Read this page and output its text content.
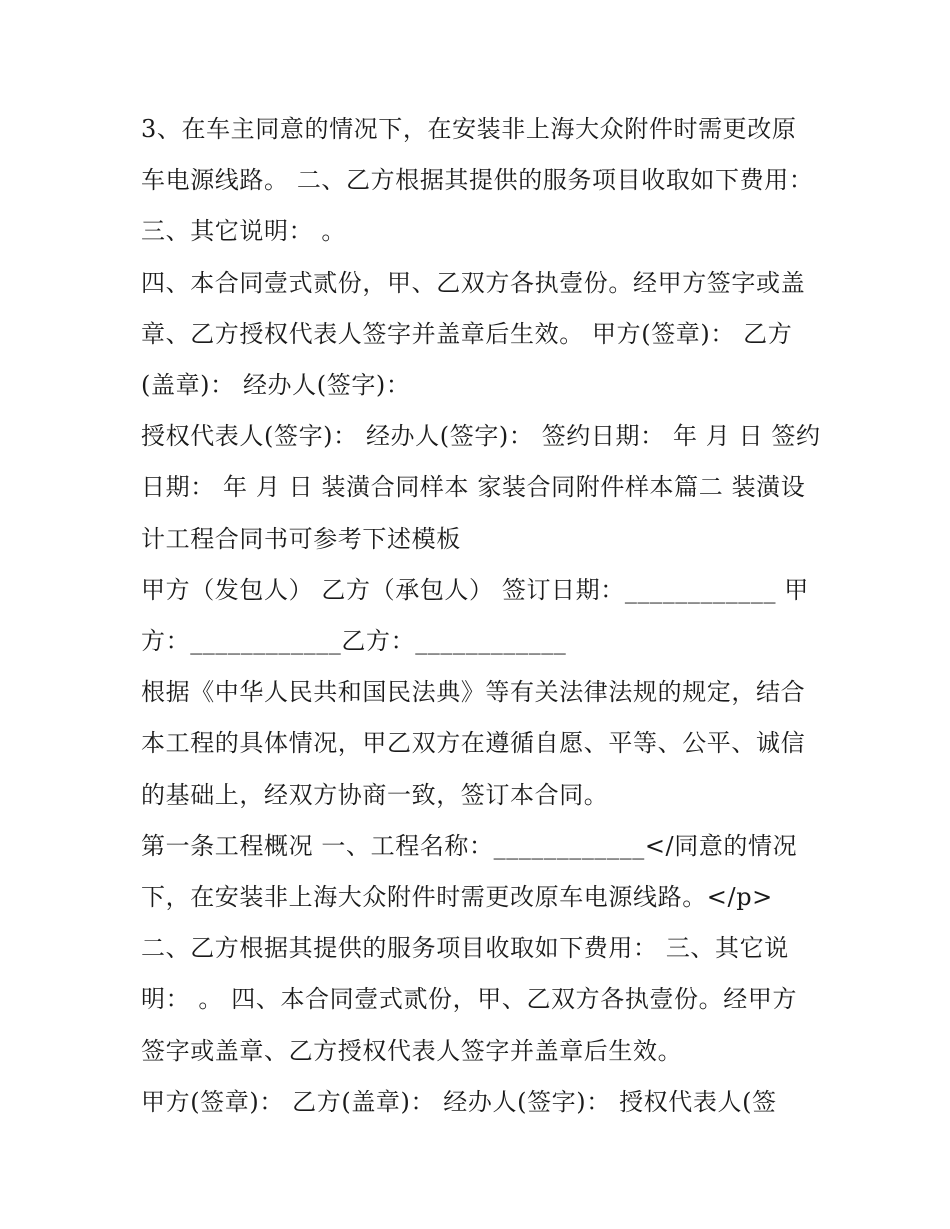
3、在车主同意的情况下，在安装非上海大众附件时需更改原车电源线路。 二、乙方根据其提供的服务项目收取如下费用： 三、其它说明： 。

四、本合同壹式贰份，甲、乙双方各执壹份。经甲方签字或盖章、乙方授权代表人签字并盖章后生效。 甲方(签章)： 乙方(盖章)： 经办人(签字)：

授权代表人(签字)： 经办人(签字)： 签约日期： 年 月 日 签约日期： 年 月 日 装潢合同样本 家装合同附件样本篇二 装潢设计工程合同书可参考下述模板

甲方（发包人） 乙方（承包人） 签订日期：____________ 甲方：____________乙方：____________

根据《中华人民共和国民法典》等有关法律法规的规定，结合本工程的具体情况，甲乙双方在遵循自愿、平等、公平、诚信的基础上，经双方协商一致，签订本合同。

第一条工程概况 一、工程名称：____________</同意的情况下，在安装非上海大众附件时需更改原车电源线路。</p>

二、乙方根据其提供的服务项目收取如下费用： 三、其它说明： 。 四、本合同壹式贰份，甲、乙双方各执壹份。经甲方签字或盖章、乙方授权代表人签字并盖章后生效。

甲方(签章)： 乙方(盖章)： 经办人(签字)： 授权代表人(签
